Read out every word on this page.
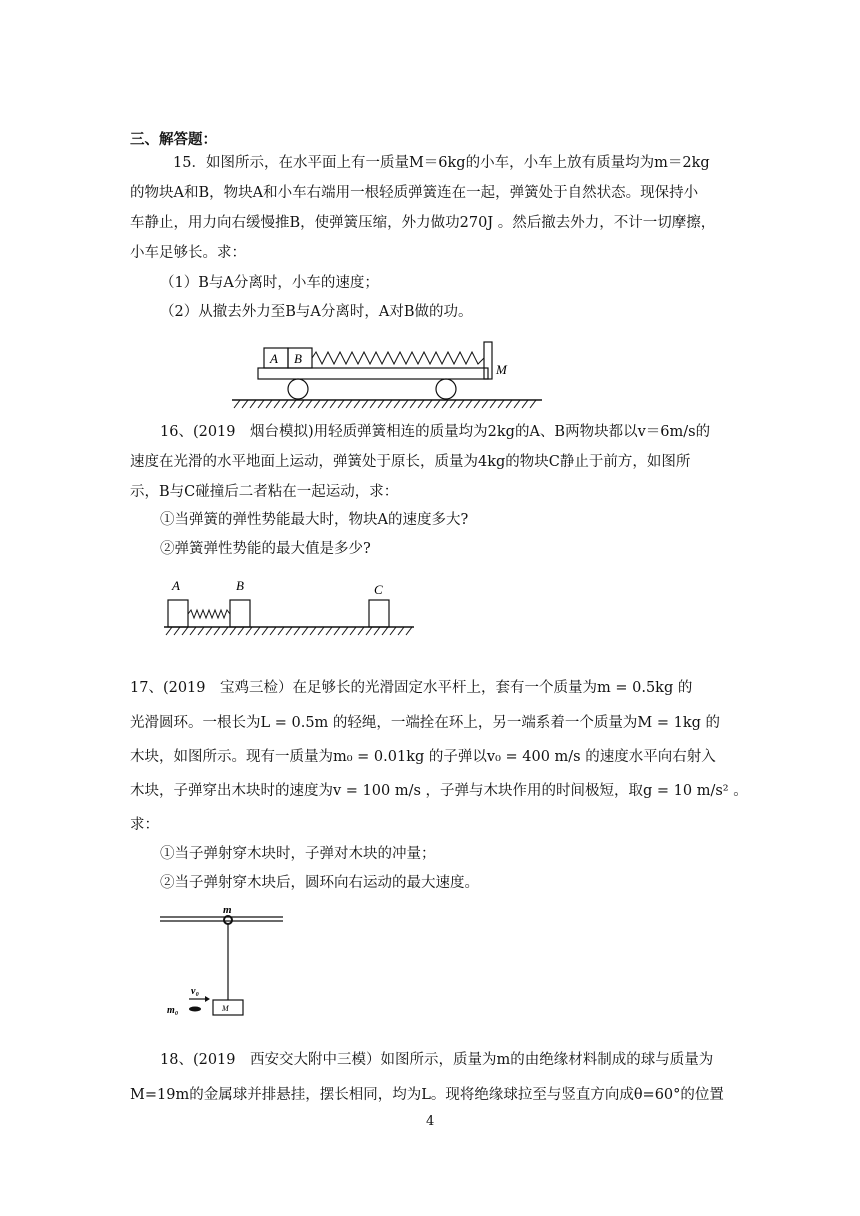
三、解答题：
15．如图所示，在水平面上有一质量M＝6kg的小车，小车上放有质量均为m＝2kg
的物块A和B，物块A和小车右端用一根轻质弹簧连在一起，弹簧处于自然状态。现保持小
车静止，用力向右缓慢推B，使弹簧压缩，外力做功270J 。然后撤去外力，不计一切摩擦，
小车足够长。求：
（1）B与A分离时，小车的速度；
（2）从撤去外力至B与A分离时，A对B做的功。
A B
M
16、(2019　烟台模拟)用轻质弹簧相连的质量均为2kg的A、B两物块都以v＝6m/s的
速度在光滑的水平地面上运动，弹簧处于原长，质量为4kg的物块C静止于前方，如图所
示，B与C碰撞后二者粘在一起运动，求：
①当弹簧的弹性势能最大时，物块A的速度多大?
②弹簧弹性势能的最大值是多少?
A	B	C
17、(2019　宝鸡三检）在足够长的光滑固定水平杆上，套有一个质量为m = 0.5kg 的
光滑圆环。一根长为L = 0.5m 的轻绳，一端拴在环上，另一端系着一个质量为M = 1kg 的
木块，如图所示。现有一质量为m₀ = 0.01kg 的子弹以v₀ = 400 m/s 的速度水平向右射入
木块，子弹穿出木块时的速度为v = 100 m/s ，子弹与木块作用的时间极短，取g = 10 m/s² 。
求：
①当子弹射穿木块时，子弹对木块的冲量；
②当子弹射穿木块后，圆环向右运动的最大速度。
m
M
v₀
m₀
18、(2019　西安交大附中三模）如图所示，质量为m的由绝缘材料制成的球与质量为
M=19m的金属球并排悬挂，摆长相同，均为L。现将绝缘球拉至与竖直方向成θ=60°的位置
4
